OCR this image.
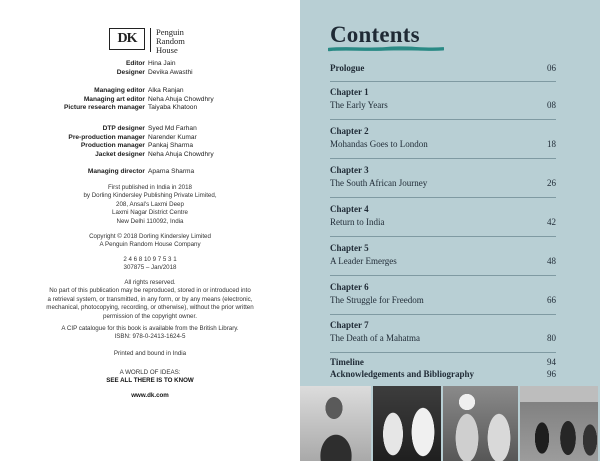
DK	Penguin
Random
House
Editor Hina Jain
Designer Devika Awasthi
Managing editor Alka Ranjan
Managing art editor Neha Ahuja Chowdhry
Picture research manager Taiyaba Khatoon
DTP designer Syed Md Farhan
Pre-production manager Narender Kumar
Production manager Pankaj Sharma
Jacket designer Neha Ahuja Chowdhry
Managing director Aparna Sharma
First published in India in 2018
by Dorling Kindersley Publishing Private Limited,
208, Ansal's Laxmi Deep
Laxmi Nagar District Centre
New Delhi 110092, India
Copyright © 2018 Dorling Kindersley Limited
A Penguin Random House Company
2 4 6 8 10 9 7 5 3 1
307875 – Jan/2018
All rights reserved.
No part of this publication may be reproduced, stored in or introduced into
a retrieval system, or transmitted, in any form, or by any means (electronic,
mechanical, photocopying, recording, or otherwise), without the prior written
permission of the copyright owner.
A CIP catalogue for this book is available from the British Library.
ISBN: 978-0-2413-1624-5
Printed and bound in India
A WORLD OF IDEAS:
SEE ALL THERE IS TO KNOW
www.dk.com
Contents
Prologue	06
Chapter 1
The Early Years	08
Chapter 2
Mohandas Goes to London	18
Chapter 3
The South African Journey	26
Chapter 4
Return to India	42
Chapter 5
A Leader Emerges	48
Chapter 6
The Struggle for Freedom	66
Chapter 7
The Death of a Mahatma	80
Timeline	94
Acknowledgements and Bibliography	96
